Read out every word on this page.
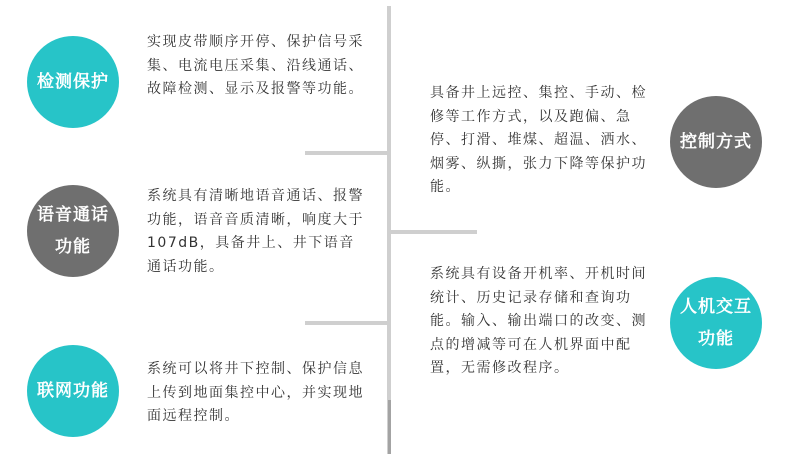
检测保护

实现皮带顺序开停、保护信号采集、电流电压采集、沿线通话、故障检测、显示及报警等功能。

语音通话
功能

系统具有清晰地语音通话、报警功能，语音音质清晰，响度大于107dB，具备井上、井下语音通话功能。

联网功能

系统可以将井下控制、保护信息上传到地面集控中心，并实现地面远程控制。

具备井上远控、集控、手动、检修等工作方式，以及跑偏、急停、打滑、堆煤、超温、洒水、烟雾、纵撕，张力下降等保护功能。

控制方式

系统具有设备开机率、开机时间统计、历史记录存储和查询功能。输入、输出端口的改变、测点的增减等可在人机界面中配置，无需修改程序。

人机交互
功能
